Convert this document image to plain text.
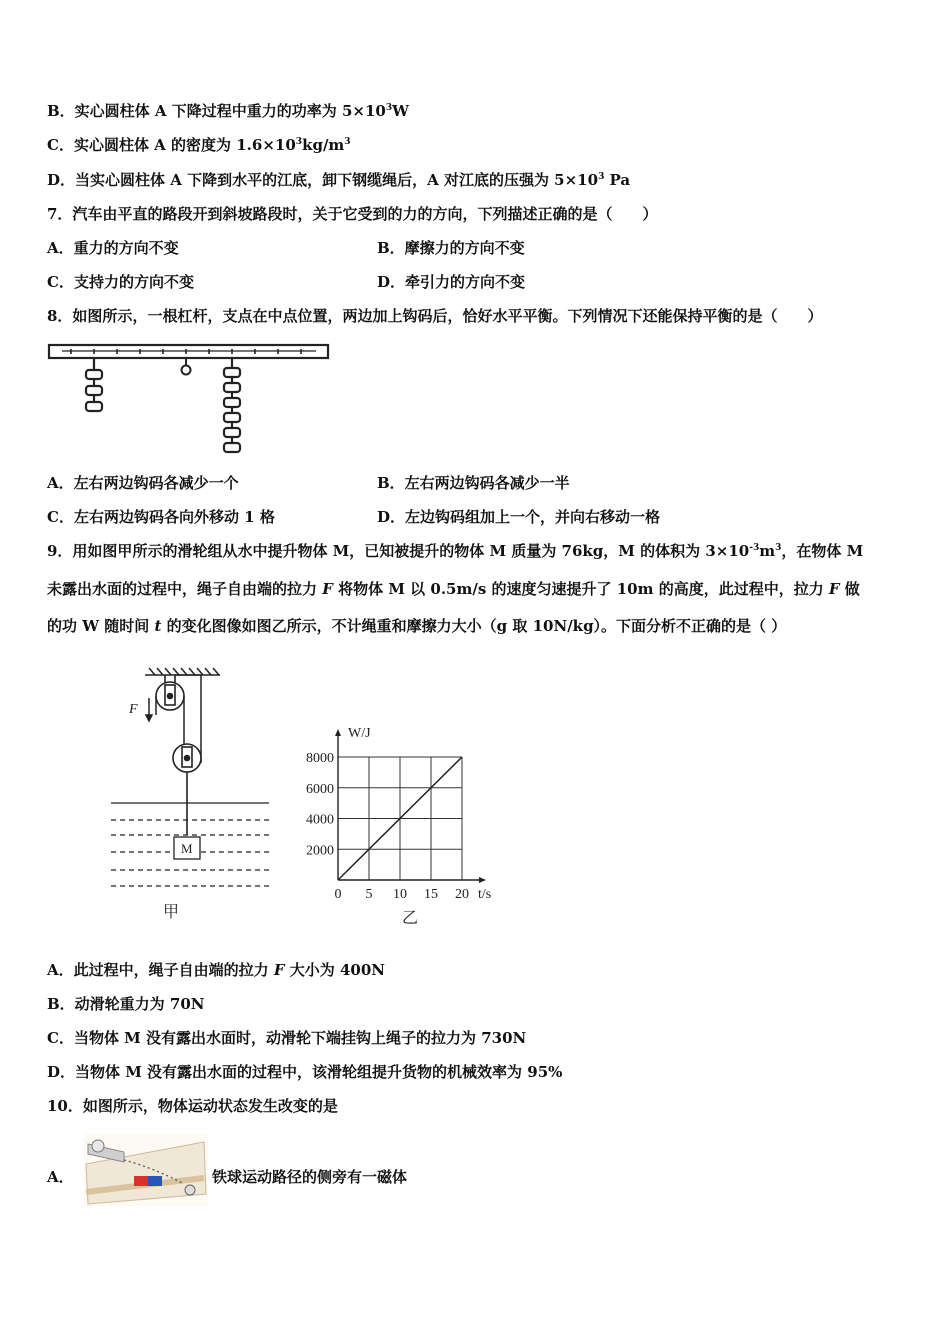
B．实心圆柱体 A 下降过程中重力的功率为 $5\times 10^3W$
C．实心圆柱体 A 的密度为 $1.6\times 10^3kg/m^3$
D．当实心圆柱体 A 下降到水平的江底，卸下钢缆绳后，A 对江底的压强为 $5\times 10^3$ Pa
7．汽车由平直的路段开到斜坡路段时，关于它受到的力的方向，下列描述正确的是（　　）
A．重力的方向不变	B．摩擦力的方向不变
C．支持力的方向不变	D．牵引力的方向不变
8．如图所示，一根杠杆，支点在中点位置，两边加上钩码后，恰好水平平衡。下列情况下还能保持平衡的是（　　）
A．左右两边钩码各减少一个	B．左右两边钩码各减少一半
C．左右两边钩码各向外移动 1 格	D．左边钩码组加上一个，并向右移动一格
9．用如图甲所示的滑轮组从水中提升物体 M，已知被提升的物体 M 质量为 76kg，M 的体积为 $3\times 10^{-3}m^3$，在物体 M
未露出水面的过程中，绳子自由端的拉力 F 将物体 M 以 0.5m/s 的速度匀速提升了 10m 的高度，此过程中，拉力 F 做
的功 W 随时间 t 的变化图像如图乙所示，不计绳重和摩擦力大小（g 取 10N/kg）。下面分析不正确的是（ ）
F
M
甲
0 5 10 15 20
2000
4000
6000
8000
t/s
W/J
乙
A．此过程中，绳子自由端的拉力 F 大小为 400N
B．动滑轮重力为 70N
C．当物体 M 没有露出水面时，动滑轮下端挂钩上绳子的拉力为 730N
D．当物体 M 没有露出水面的过程中，该滑轮组提升货物的机械效率为 95%
10．如图所示，物体运动状态发生改变的是
A．	铁球运动路径的侧旁有一磁体
